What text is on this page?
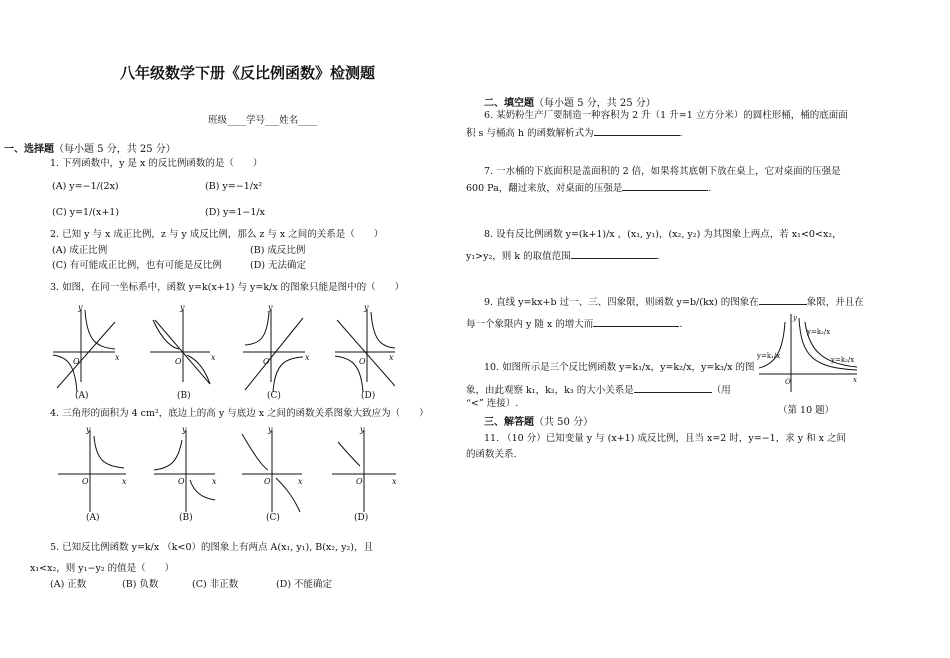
八年级数学下册《反比例函数》检测题
班级____学号___姓名____
一、选择题（每小题 5 分，共 25 分）
1. 下列函数中，y 是 x 的反比例函数的是（　　）
(A) y=−1/(2x)	(B) y=−1/x²
(C) y=1/(x+1)	(D) y=1−1/x
2. 已知 y 与 x 成正比例，z 与 y 成反比例，那么 z 与 x 之间的关系是（　　）
(A) 成正比例	(B) 成反比例
(C) 有可能成正比例，也有可能是反比例	(D) 无法确定
3. 如图，在同一坐标系中，函数 y=k(x+1) 与 y=k/x 的图象只能是图中的（　　）
y
x
O
y
x
O
y
x
O
y
x
O
(A)	(B)	(C)	(D)
4. 三角形的面积为 4 cm²，底边上的高 y 与底边 x 之间的函数关系图象大致应为（　　）
y
x
O
y
x
O
y
x
O
y
x
O
(A)	(B)	(C)	(D)
5. 已知反比例函数 y=k/x （k<0）的图象上有两点 A(x₁, y₁), B(x₂, y₂)，且
x₁<x₂，则 y₁−y₂ 的值是（　　）
(A) 正数	(B) 负数	(C) 非正数	(D) 不能确定
二、填空题（每小题 5 分，共 25 分）
6. 某奶粉生产厂要制造一种容积为 2 升（1 升=1 立方分米）的圆柱形桶，桶的底面面
积 s 与桶高 h 的函数解析式为	.
7. 一水桶的下底面积是盖面积的 2 倍，如果将其底朝下放在桌上，它对桌面的压强是
600 Pa，翻过来放，对桌面的压强是	.
8. 设有反比例函数 y=(k+1)/x ，(x₁, y₁)，(x₂, y₂) 为其图象上两点，若 x₁<0<x₂，
y₁>y₂，则 k 的取值范围	.
9. 直线 y=kx+b 过一、三、四象限，则函数 y=b/(kx) 的图象在	象限，并且在
每一个象限内 y 随 x 的增大而	.
10. 如图所示是三个反比例函数 y=k₁/x，y=k₂/x，y=k₃/x 的图
象，由此观察 k₁，k₂，k₃ 的大小关系是	（用
“<” 连接）.
y=k₁/x
y=k₂/x
y=k₃/x
y
x
O
（第 10 题）
三、解答题（共 50 分）
11. （10 分）已知变量 y 与 (x+1) 成反比例，且当 x=2 时，y=−1，求 y 和 x 之间
的函数关系.
